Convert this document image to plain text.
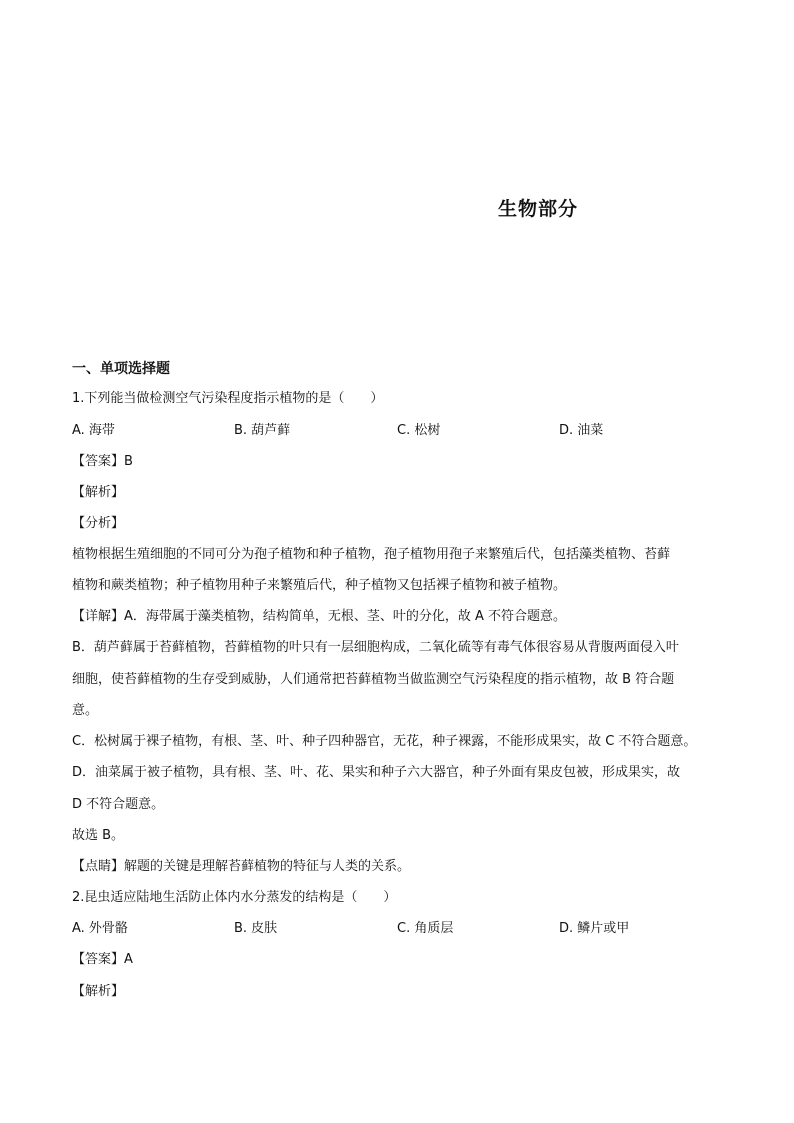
生物部分
一、单项选择题
1.下列能当做检测空气污染程度指示植物的是（　　）
A. 海带	B. 葫芦藓	C. 松树	D. 油菜
【答案】B
【解析】
【分析】
植物根据生殖细胞的不同可分为孢子植物和种子植物，孢子植物用孢子来繁殖后代，包括藻类植物、苔藓
植物和蕨类植物；种子植物用种子来繁殖后代，种子植物又包括裸子植物和被子植物。
【详解】A．海带属于藻类植物，结构简单，无根、茎、叶的分化，故 A 不符合题意。
B．葫芦藓属于苔藓植物，苔藓植物的叶只有一层细胞构成，二氧化硫等有毒气体很容易从背腹两面侵入叶
细胞，使苔藓植物的生存受到威胁，人们通常把苔藓植物当做监测空气污染程度的指示植物，故 B 符合题
意。
C．松树属于裸子植物，有根、茎、叶、种子四种器官，无花，种子裸露，不能形成果实，故 C 不符合题意。
D．油菜属于被子植物，具有根、茎、叶、花、果实和种子六大器官，种子外面有果皮包被，形成果实，故
D 不符合题意。
故选 B。
【点睛】解题的关键是理解苔藓植物的特征与人类的关系。
2.昆虫适应陆地生活防止体内水分蒸发的结构是（　　）
A. 外骨骼	B. 皮肤	C. 角质层	D. 鳞片或甲
【答案】A
【解析】
